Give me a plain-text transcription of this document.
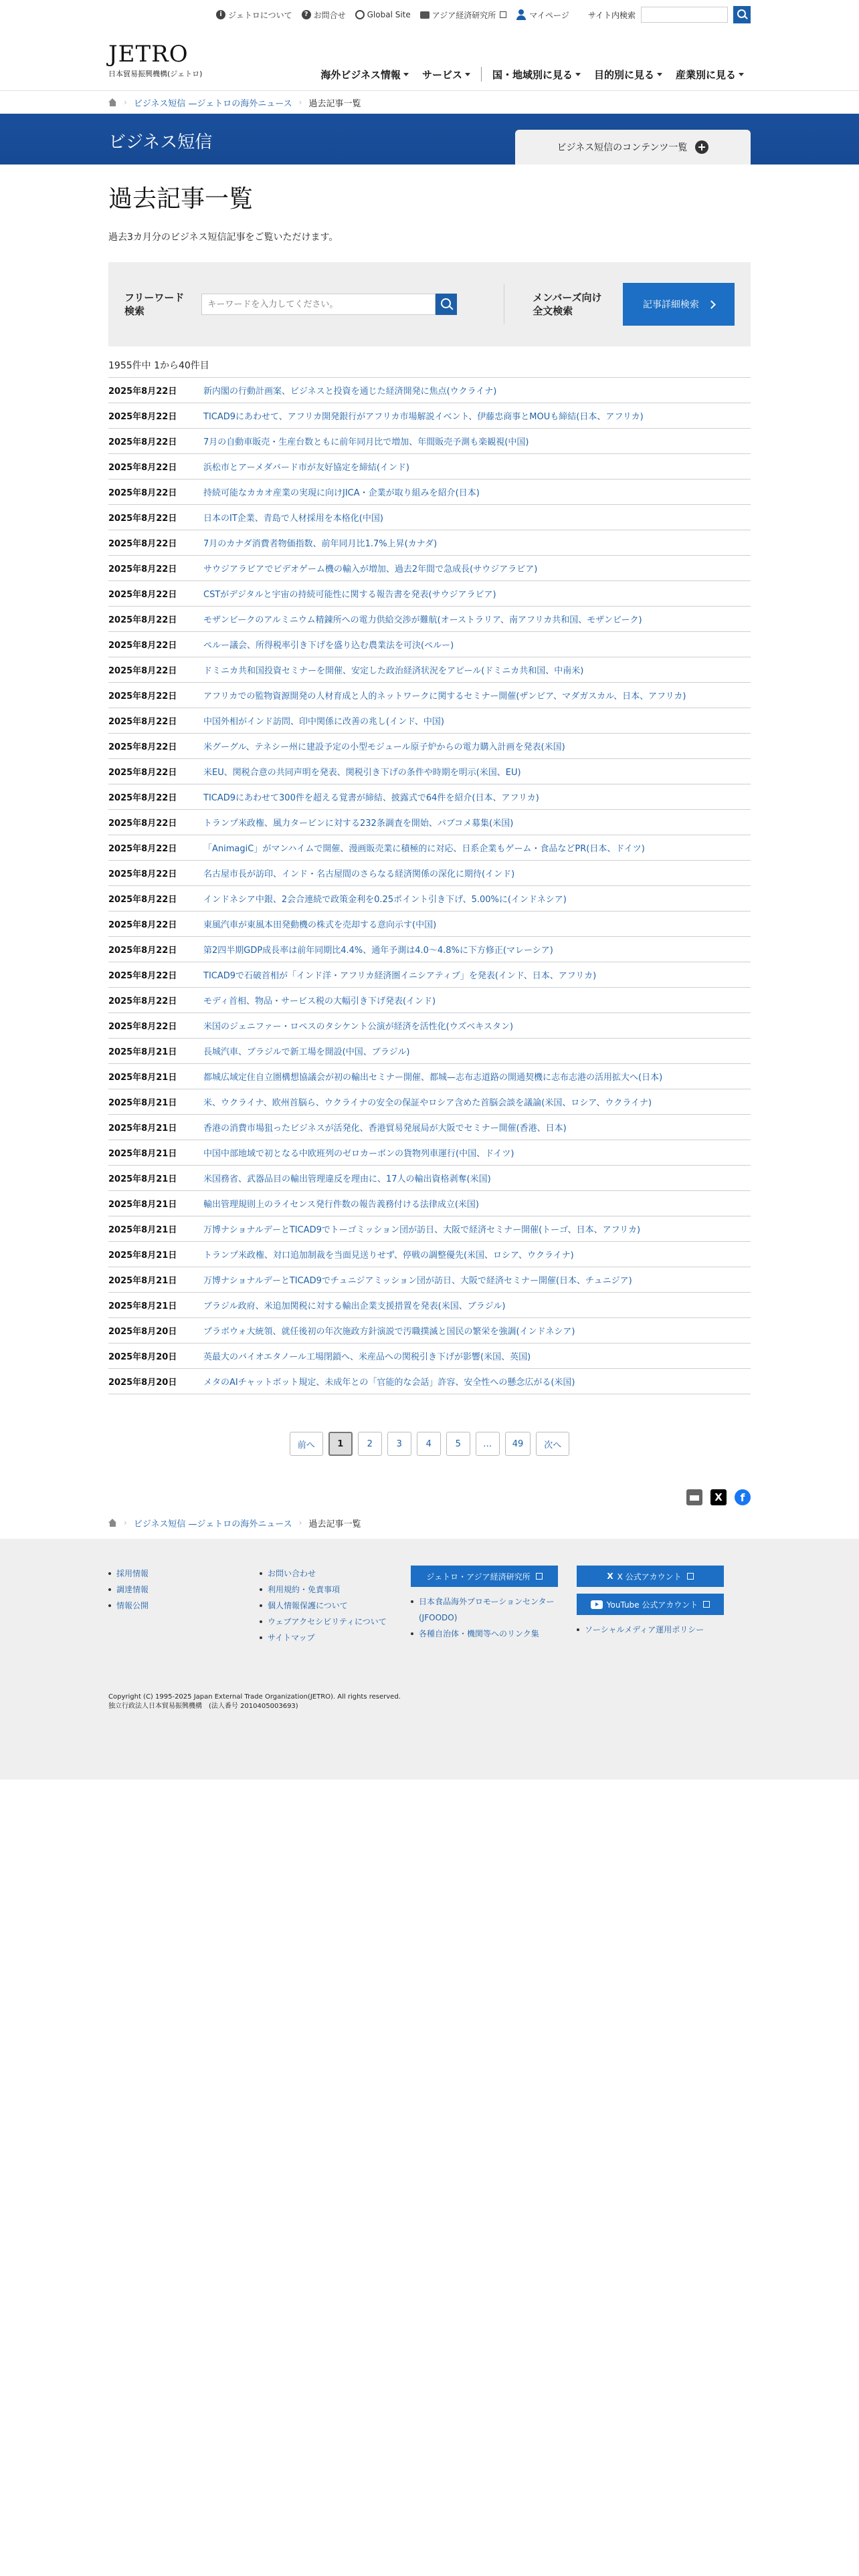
i ジェトロについて	? お問合せ	Global Site	アジア経済研究所	マイページ サイト内検索
JETRO
日本貿易振興機構(ジェトロ)	海外ビジネス情報 サービス	国・地域別に見る 目的別に見る 産業別に見る
› ビジネス短信 —ジェトロの海外ニュース › 過去記事一覧
ビジネス短信	ビジネス短信のコンテンツ一覧
過去記事一覧

過去3カ月分のビジネス短信記事をご覧いただけます。

フリーワード
検索
キーワードを入力してください。
メンバーズ向け
全文検索	記事詳細検索
1955件中 1から40件目
2025年8月22日	新内閣の行動計画案、ビジネスと投資を通じた経済開発に焦点(ウクライナ)
2025年8月22日	TICAD9にあわせて、アフリカ開発銀行がアフリカ市場解説イベント、伊藤忠商事とMOUも締結(日本、アフリカ)
2025年8月22日	7月の自動車販売・生産台数ともに前年同月比で増加、年間販売予測も楽観視(中国)
2025年8月22日	浜松市とアーメダバード市が友好協定を締結(インド)
2025年8月22日	持続可能なカカオ産業の実現に向けJICA・企業が取り組みを紹介(日本)
2025年8月22日	日本のIT企業、青島で人材採用を本格化(中国)
2025年8月22日	7月のカナダ消費者物価指数、前年同月比1.7%上昇(カナダ)
2025年8月22日	サウジアラビアでビデオゲーム機の輸入が増加、過去2年間で急成長(サウジアラビア)
2025年8月22日	CSTがデジタルと宇宙の持続可能性に関する報告書を発表(サウジアラビア)
2025年8月22日	モザンビークのアルミニウム精錬所への電力供給交渉が難航(オーストラリア、南アフリカ共和国、モザンビーク)
2025年8月22日	ペルー議会、所得税率引き下げを盛り込む農業法を可決(ペルー)
2025年8月22日	ドミニカ共和国投資セミナーを開催、安定した政治経済状況をアピール(ドミニカ共和国、中南米)
2025年8月22日	アフリカでの監物資源開発の人材育成と人的ネットワークに関するセミナー開催(ザンビア、マダガスカル、日本、アフリカ)
2025年8月22日	中国外相がインド訪問、印中関係に改善の兆し(インド、中国)
2025年8月22日	米グーグル、テネシー州に建設予定の小型モジュール原子炉からの電力購入計画を発表(米国)
2025年8月22日	米EU、関税合意の共同声明を発表、関税引き下げの条件や時期を明示(米国、EU)
2025年8月22日	TICAD9にあわせて300件を超える覚書が締結、披露式で64件を紹介(日本、アフリカ)
2025年8月22日	トランプ米政権、風力タービンに対する232条調査を開始、パブコメ募集(米国)
2025年8月22日	「AnimagiC」がマンハイムで開催、漫画販売業に積極的に対応、日系企業もゲーム・食品などPR(日本、ドイツ)
2025年8月22日	名古屋市長が訪印、インド・名古屋間のさらなる経済関係の深化に期待(インド)
2025年8月22日	インドネシア中銀、2会合連続で政策金利を0.25ポイント引き下げ、5.00%に(インドネシア)
2025年8月22日	東風汽車が東風本田発動機の株式を売却する意向示す(中国)
2025年8月22日	第2四半期GDP成長率は前年同期比4.4%、通年予測は4.0〜4.8%に下方修正(マレーシア)
2025年8月22日	TICAD9で石破首相が「インド洋・アフリカ経済圏イニシアティブ」を発表(インド、日本、アフリカ)
2025年8月22日	モディ首相、物品・サービス税の大幅引き下げ発表(インド)
2025年8月22日	米国のジェニファー・ロペスのタシケント公演が経済を活性化(ウズベキスタン)
2025年8月21日	長城汽車、ブラジルで新工場を開設(中国、ブラジル)
2025年8月21日	都城広域定住自立圏構想協議会が初の輸出セミナー開催、都城—志布志道路の開通契機に志布志港の活用拡大へ(日本)
2025年8月21日	米、ウクライナ、欧州首脳ら、ウクライナの安全の保証やロシア含めた首脳会談を議論(米国、ロシア、ウクライナ)
2025年8月21日	香港の消費市場狙ったビジネスが活発化、香港貿易発展局が大阪でセミナー開催(香港、日本)
2025年8月21日	中国中部地域で初となる中欧班列のゼロカーボンの貨物列車運行(中国、ドイツ)
2025年8月21日	米国務省、武器品目の輸出管理違反を理由に、17人の輸出資格剥奪(米国)
2025年8月21日	輸出管理規則上のライセンス発行件数の報告義務付ける法律成立(米国)
2025年8月21日	万博ナショナルデーとTICAD9でトーゴミッション団が訪日、大阪で経済セミナー開催(トーゴ、日本、アフリカ)
2025年8月21日	トランプ米政権、対口追加制裁を当面見送りせず、停戦の調整優先(米国、ロシア、ウクライナ)
2025年8月21日	万博ナショナルデーとTICAD9でチュニジアミッション団が訪日、大阪で経済セミナー開催(日本、チュニジア)
2025年8月21日	ブラジル政府、米追加関税に対する輸出企業支援措置を発表(米国、ブラジル)
2025年8月20日	プラボウォ大統領、就任後初の年次施政方針演説で汚職撲滅と国民の繁栄を強調(インドネシア)
2025年8月20日	英最大のバイオエタノール工場閉鎖へ、米産品への関税引き下げが影響(米国、英国)
2025年8月20日	メタのAIチャットボット規定、未成年との「官能的な会話」許容、安全性への懸念広がる(米国)
前へ	1	2	3	4	5	…	49	次へ
X	f
› ビジネス短信 —ジェトロの海外ニュース › 過去記事一覧
採用情報
調達情報
情報公開
お問い合わせ
利用規約・免責事項
個人情報保護について
ウェブアクセシビリティについて
サイトマップ
ジェトロ・アジア経済研究所
日本食品海外プロモーションセンター(JFOODO)
各種自治体・機関等へのリンク集
X X 公式アカウント
YouTube 公式アカウント
ソーシャルメディア運用ポリシー
Copyright (C) 1995-2025 Japan External Trade Organization(JETRO). All rights reserved.
独立行政法人日本貿易振興機構　(法人番号 2010405003693)
